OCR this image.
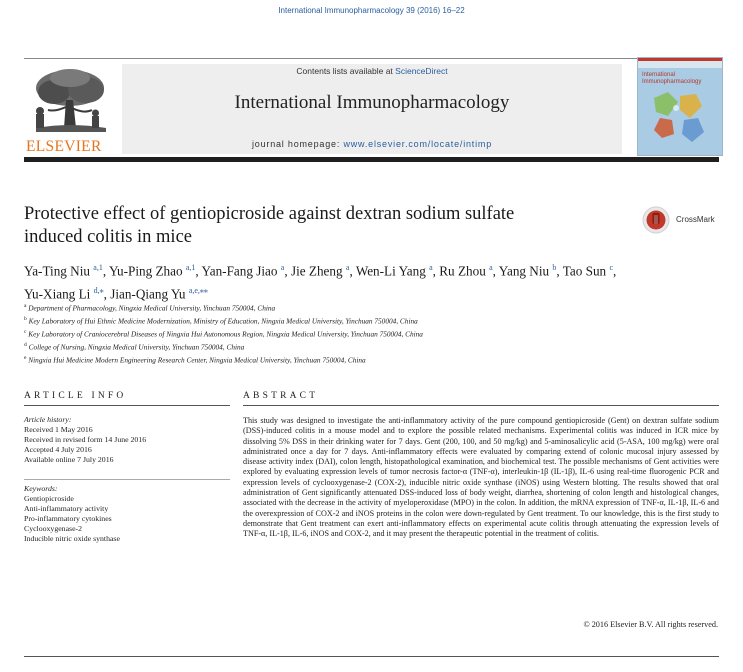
International Immunopharmacology 39 (2016) 16–22
ELSEVIER
Contents lists available at ScienceDirect
International Immunopharmacology
journal homepage: www.elsevier.com/locate/intimp
International
Immunopharmacology
Protective effect of gentiopicroside against dextran sodium sulfate
induced colitis in mice
CrossMark
Ya-Ting Niu $^{a,1}$, Yu-Ping Zhao $^{a,1}$, Yan-Fang Jiao $^a$, Jie Zheng $^a$, Wen-Li Yang $^a$, Ru Zhou $^a$, Yang Niu $^b$, Tao Sun $^c$,
Yu-Xiang Li $^{d,⁎}$, Jian-Qiang Yu $^{a,e,⁎⁎}$
$^a$ Department of Pharmacology, Ningxia Medical University, Yinchuan 750004, China
$^b$ Key Laboratory of Hui Ethnic Medicine Modernization, Ministry of Education, Ningxia Medical University, Yinchuan 750004, China
$^c$ Key Laboratory of Craniocerebral Diseases of Ningxia Hui Autonomous Region, Ningxia Medical University, Yinchuan 750004, China
$^d$ College of Nursing, Ningxia Medical University, Yinchuan 750004, China
$^e$ Ningxia Hui Medicine Modern Engineering Research Center, Ningxia Medical University, Yinchuan 750004, China
ARTICLE INFO
Article history:
Received 1 May 2016
Received in revised form 14 June 2016
Accepted 4 July 2016
Available online 7 July 2016
Keywords:
Gentiopicroside
Anti-inflammatory activity
Pro-inflammatory cytokines
Cyclooxygenase-2
Inducible nitric oxide synthase
ABSTRACT
This study was designed to investigate the anti-inflammatory activity of the pure compound gentiopicroside (Gent) on dextran sulfate sodium (DSS)-induced colitis in a mouse model and to explore the possible related mechanisms. Experimental colitis was induced in ICR mice by dissolving 5% DSS in their drinking water for 7 days. Gent (200, 100, and 50 mg/kg) and 5-aminosalicylic acid (5-ASA, 100 mg/kg) were oral administrated once a day for 7 days. Anti-inflammatory effects were evaluated by comparing extend of colonic mucosal injury assessed by disease activity index (DAI), colon length, histopathological examination, and biochemical test. The possible mechanisms of Gent activities were explored by evaluating expression levels of tumor necrosis factor-α (TNF-α), interleukin-1β (IL-1β), IL-6 using real-time fluorogenic PCR and expression levels of cyclooxygenase-2 (COX-2), inducible nitric oxide synthase (iNOS) using Western blotting. The results showed that oral administration of Gent significantly attenuated DSS-induced loss of body weight, diarrhea, shortening of colon length and histological changes, associated with the decrease in the activity of myeloperoxidase (MPO) in the colon. In addition, the mRNA expression of TNF-α, IL-1β, IL-6 and the overexpression of COX-2 and iNOS proteins in the colon were down-regulated by Gent treatment. To our knowledge, this is the first study to demonstrate that Gent treatment can exert anti-inflammatory effects on experimental acute colitis through attenuating the expression levels of TNF-α, IL-1β, IL-6, iNOS and COX-2, and it may present the therapeutic potential in the treatment of colitis.
© 2016 Elsevier B.V. All rights reserved.
